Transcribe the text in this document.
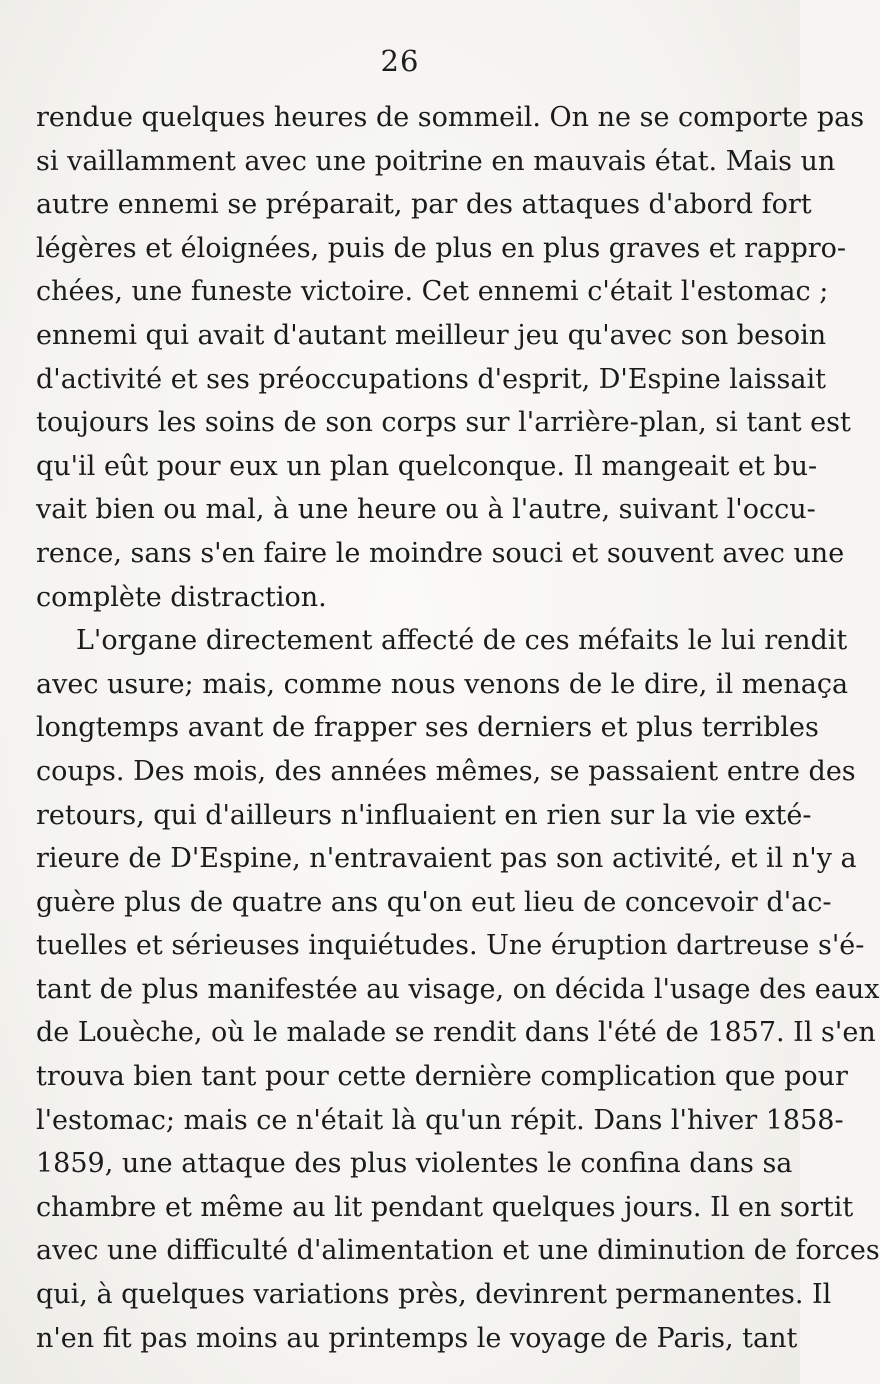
26
rendue quelques heures de sommeil. On ne se comporte pas
si vaillamment avec une poitrine en mauvais état. Mais un
autre ennemi se préparait, par des attaques d'abord fort
légères et éloignées, puis de plus en plus graves et rappro-
chées, une funeste victoire. Cet ennemi c'était l'estomac ;
ennemi qui avait d'autant meilleur jeu qu'avec son besoin
d'activité et ses préoccupations d'esprit, D'Espine laissait
toujours les soins de son corps sur l'arrière-plan, si tant est
qu'il eût pour eux un plan quelconque. Il mangeait et bu-
vait bien ou mal, à une heure ou à l'autre, suivant l'occu-
rence, sans s'en faire le moindre souci et souvent avec une
complète distraction.
L'organe directement affecté de ces méfaits le lui rendit
avec usure; mais, comme nous venons de le dire, il menaça
longtemps avant de frapper ses derniers et plus terribles
coups. Des mois, des années mêmes, se passaient entre des
retours, qui d'ailleurs n'influaient en rien sur la vie exté-
rieure de D'Espine, n'entravaient pas son activité, et il n'y a
guère plus de quatre ans qu'on eut lieu de concevoir d'ac-
tuelles et sérieuses inquiétudes. Une éruption dartreuse s'é-
tant de plus manifestée au visage, on décida l'usage des eaux
de Louèche, où le malade se rendit dans l'été de 1857. Il s'en
trouva bien tant pour cette dernière complication que pour
l'estomac; mais ce n'était là qu'un répit. Dans l'hiver 1858-
1859, une attaque des plus violentes le confina dans sa
chambre et même au lit pendant quelques jours. Il en sortit
avec une difficulté d'alimentation et une diminution de forces
qui, à quelques variations près, devinrent permanentes. Il
n'en fit pas moins au printemps le voyage de Paris, tant
